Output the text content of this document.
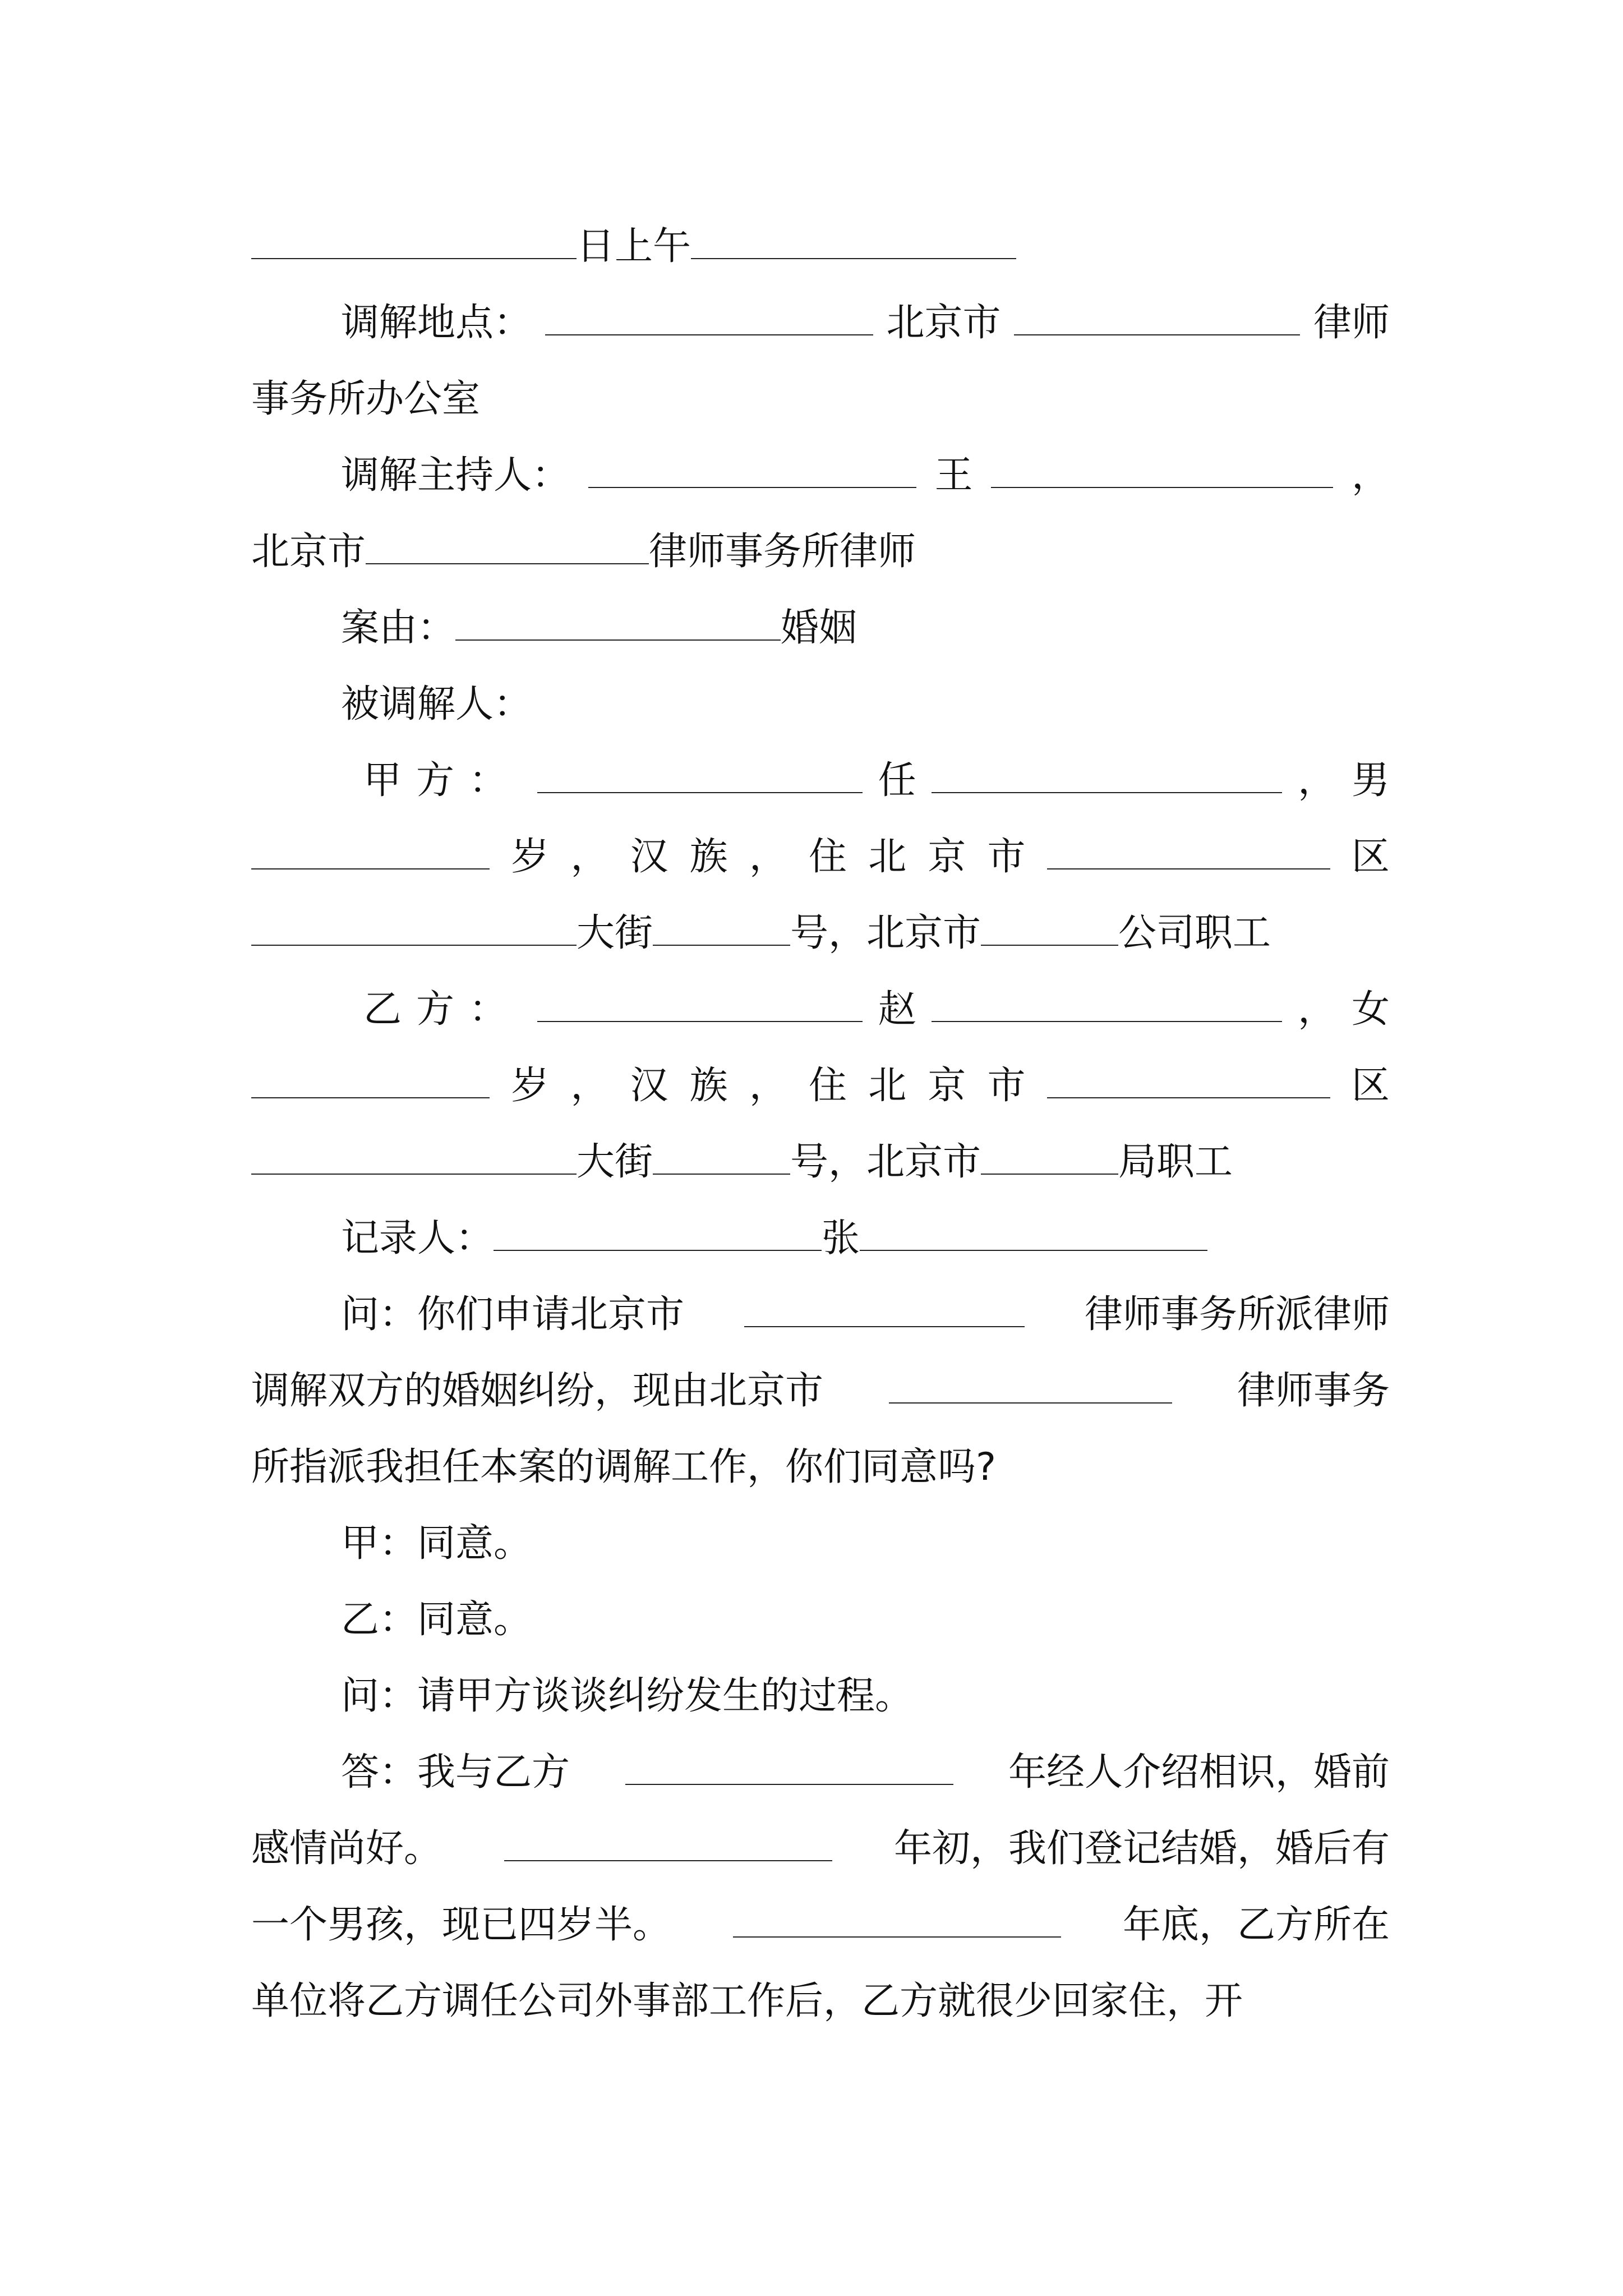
日上午
调解地点：	北京市	律师
事务所办公室
调解主持人：	王	，
北京市	律师事务所律师
案由：	婚姻
被调解人：
甲方：	任	， 男
岁 ， 汉 族 ， 住 北 京 市	区
大街	号，北京市	公司职工
乙方：	赵	， 女
岁 ， 汉 族 ， 住 北 京 市	区
大街	号，北京市	局职工
记录人：	张
问：你们申请北京市	律师事务所派律师
调解双方的婚姻纠纷，现由北京市	律师事务
所指派我担任本案的调解工作，你们同意吗?
甲：同意。
乙：同意。
问：请甲方谈谈纠纷发生的过程。
答：我与乙方	年经人介绍相识，婚前
感情尚好。	年初，我们登记结婚，婚后有
一个男孩，现已四岁半。	年底，乙方所在
单位将乙方调任公司外事部工作后，乙方就很少回家住，开
